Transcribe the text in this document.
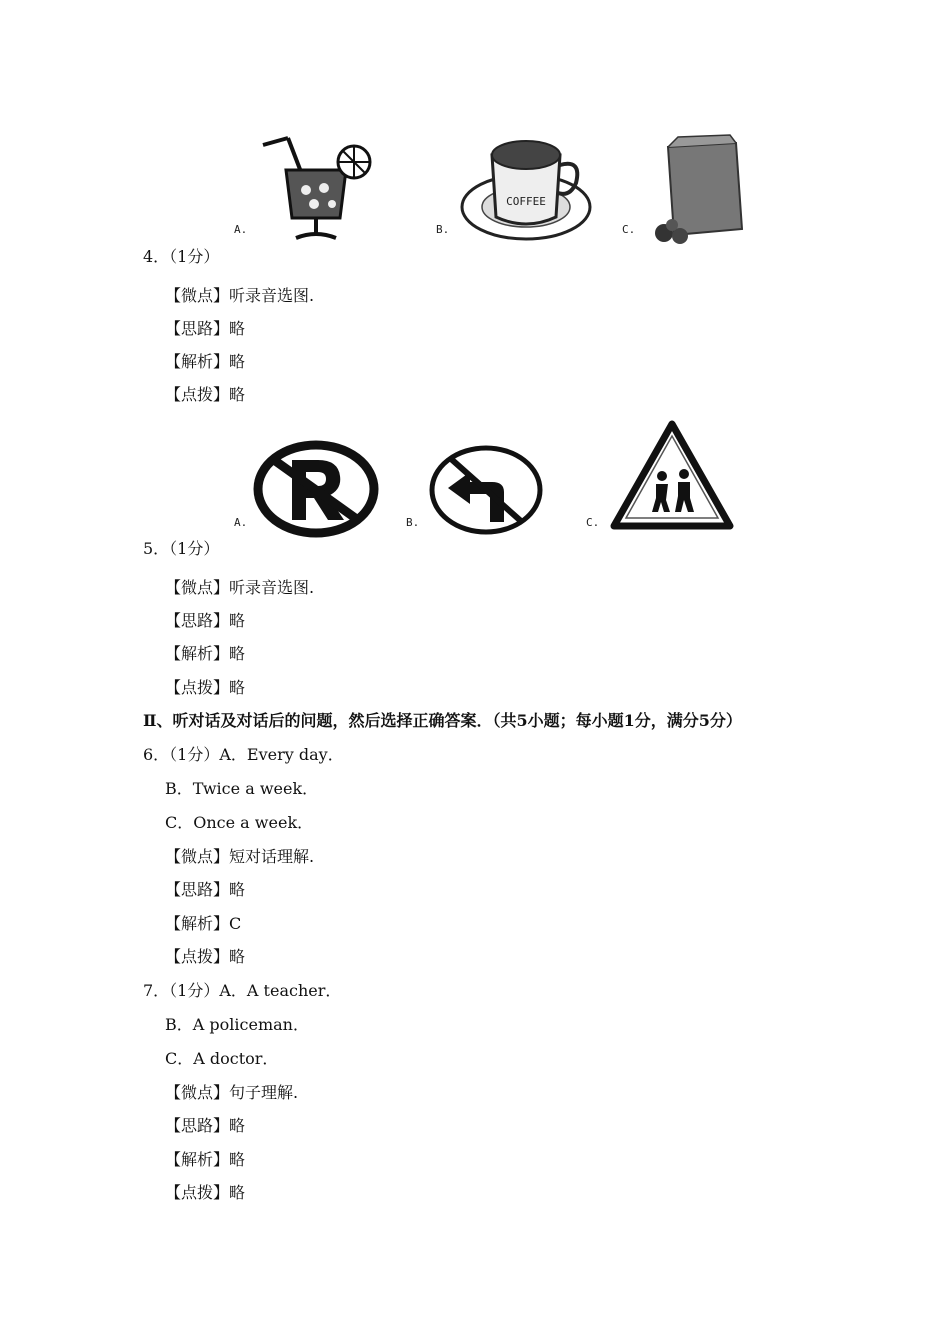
A.	B.
COFFEE
C.
4．（1分）
【微点】听录音选图.
【思路】略
【解析】略
【点拨】略
A.	B.	C.
5．（1分）
【微点】听录音选图.
【思路】略
【解析】略
【点拨】略
Ⅱ、听对话及对话后的问题，然后选择正确答案．（共5小题；每小题1分，满分5分）
6．（1分）A．Every day．
B．Twice a week．
C．Once a week．
【微点】短对话理解.
【思路】略
【解析】C
【点拨】略
7．（1分）A．A teacher．
B．A policeman．
C．A doctor．
【微点】句子理解.
【思路】略
【解析】略
【点拨】略
